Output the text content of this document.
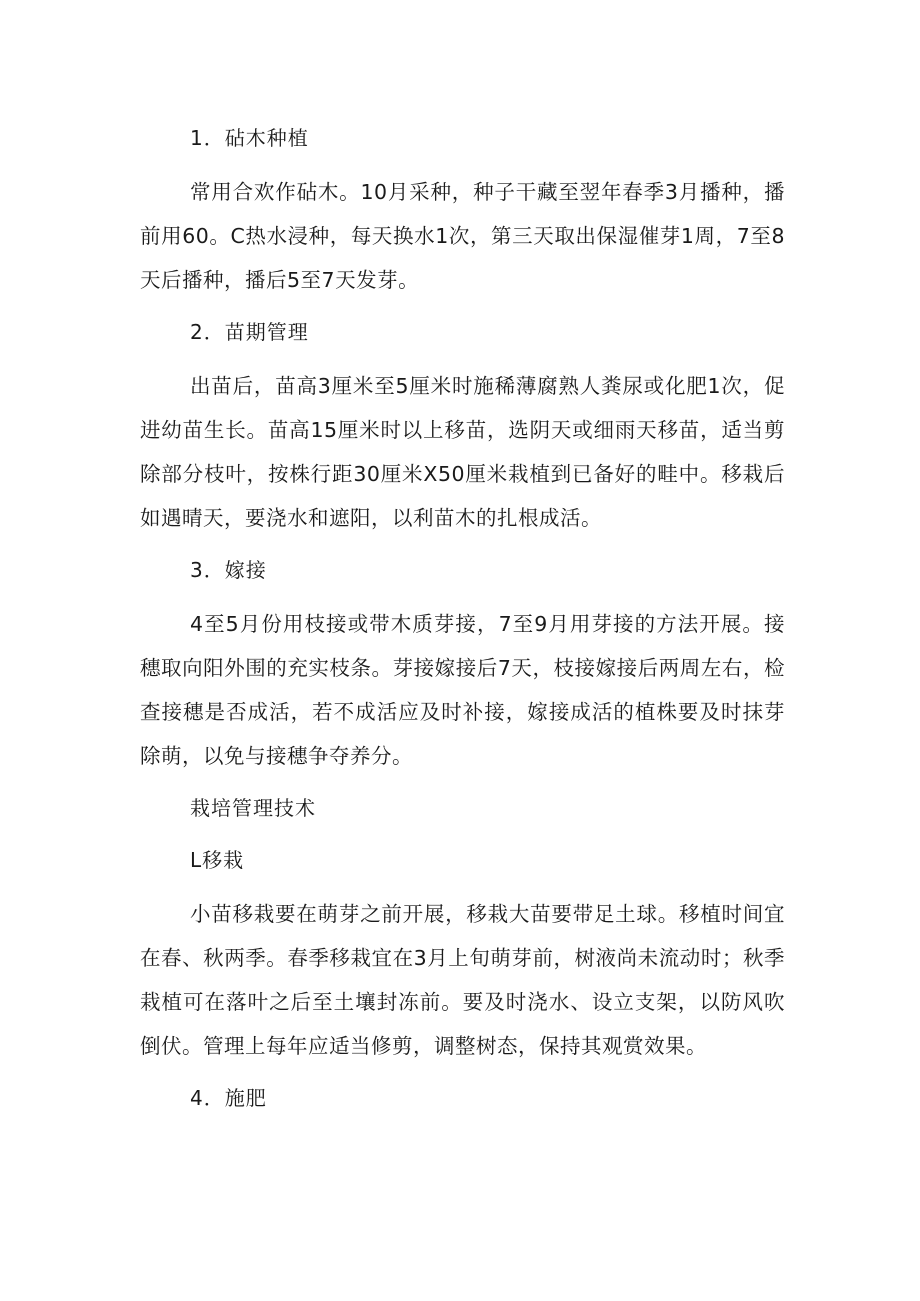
1．砧木种植

常用合欢作砧木。10月采种，种子干藏至翌年春季3月播种，播前用60。C热水浸种，每天换水1次，第三天取出保湿催芽1周，7至8天后播种，播后5至7天发芽。

2．苗期管理

出苗后，苗高3厘米至5厘米时施稀薄腐熟人粪尿或化肥1次，促进幼苗生长。苗高15厘米时以上移苗，选阴天或细雨天移苗，适当剪除部分枝叶，按株行距30厘米X50厘米栽植到已备好的畦中。移栽后如遇晴天，要浇水和遮阳，以利苗木的扎根成活。

3．嫁接

4至5月份用枝接或带木质芽接，7至9月用芽接的方法开展。接穗取向阳外围的充实枝条。芽接嫁接后7天，枝接嫁接后两周左右，检查接穗是否成活，若不成活应及时补接，嫁接成活的植株要及时抹芽除萌，以免与接穗争夺养分。

栽培管理技术

L移栽

小苗移栽要在萌芽之前开展，移栽大苗要带足土球。移植时间宜在春、秋两季。春季移栽宜在3月上旬萌芽前，树液尚未流动时；秋季栽植可在落叶之后至土壤封冻前。要及时浇水、设立支架，以防风吹倒伏。管理上每年应适当修剪，调整树态，保持其观赏效果。

4．施肥
